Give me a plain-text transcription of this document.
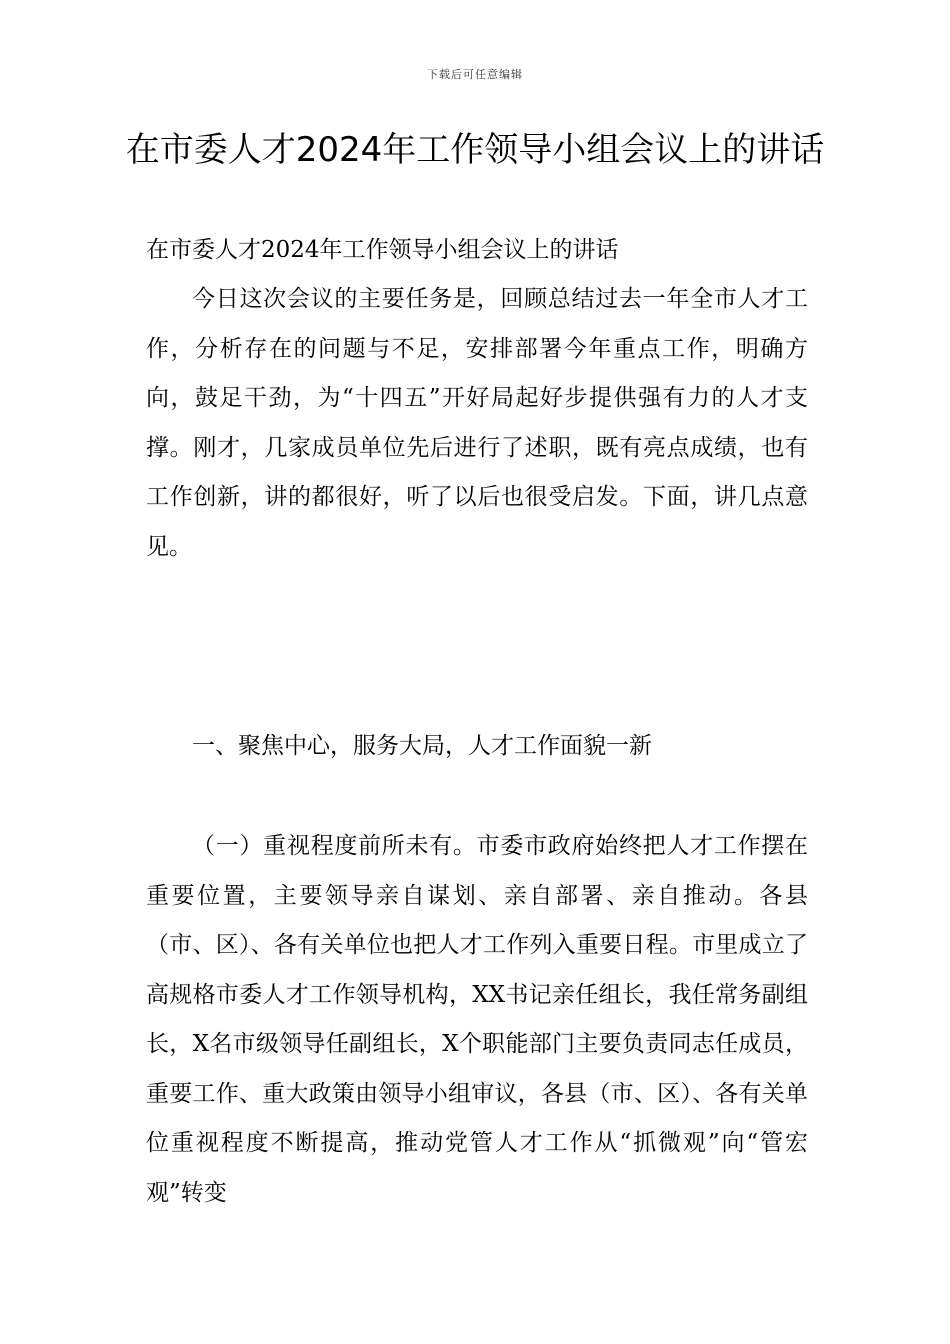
下载后可任意编辑
在市委人才2024年工作领导小组会议上的讲话

在市委人才2024年工作领导小组会议上的讲话

今日这次会议的主要任务是，回顾总结过去一年全市人才工作，分析存在的问题与不足，安排部署今年重点工作，明确方向，鼓足干劲，为“十四五”开好局起好步提供强有力的人才支撑。刚才，几家成员单位先后进行了述职，既有亮点成绩，也有工作创新，讲的都很好，听了以后也很受启发。下面，讲几点意见。

一、聚焦中心，服务大局，人才工作面貌一新

（一）重视程度前所未有。市委市政府始终把人才工作摆在重要位置，主要领导亲自谋划、亲自部署、亲自推动。各县（市、区）、各有关单位也把人才工作列入重要日程。市里成立了高规格市委人才工作领导机构，XX书记亲任组长，我任常务副组长，X名市级领导任副组长，X个职能部门主要负责同志任成员，重要工作、重大政策由领导小组审议，各县（市、区）、各有关单位重视程度不断提高，推动党管人才工作从“抓微观”向“管宏观”转变
